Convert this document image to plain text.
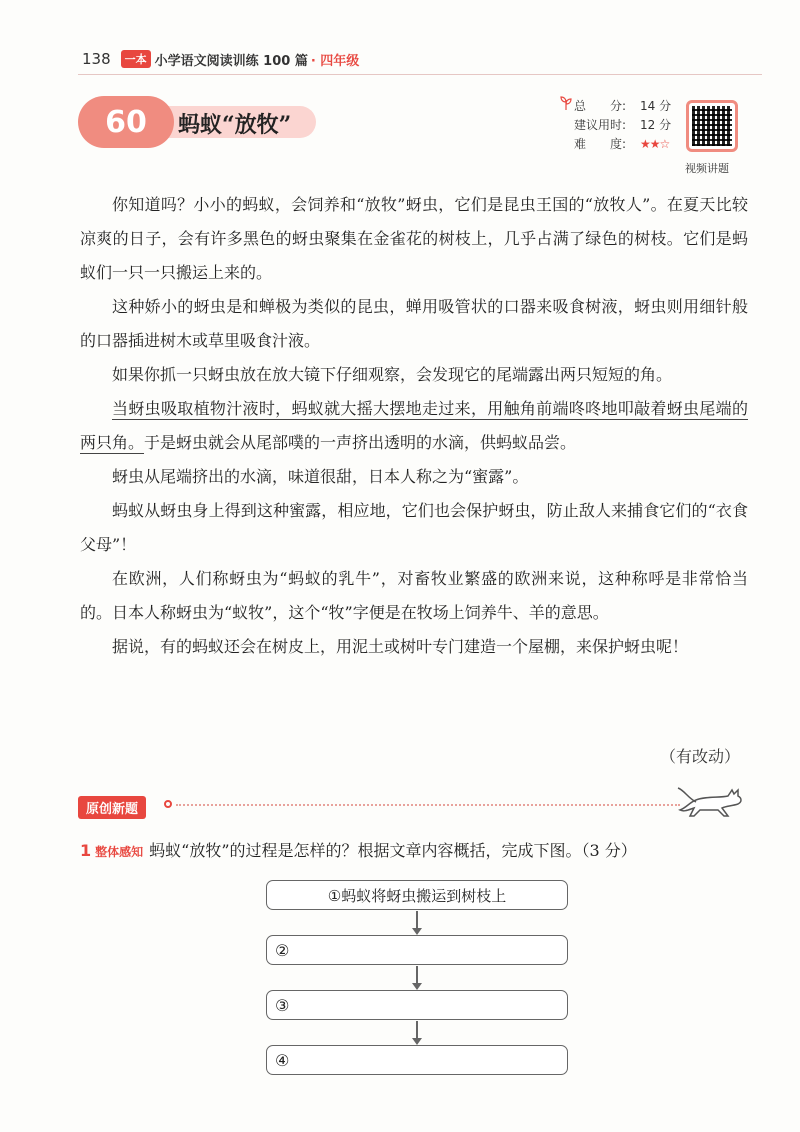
138	一本 小学语文阅读训练 100 篇 · 四年级
60	蚂蚁“放牧”
总　　分:	14 分
建议用时:	12 分
难　　度:	★★☆
视频讲题

你知道吗？小小的蚂蚁，会饲养和“放牧”蚜虫，它们是昆虫王国的“放牧人”。在夏天比较凉爽的日子，会有许多黑色的蚜虫聚集在金雀花的树枝上，几乎占满了绿色的树枝。它们是蚂蚁们一只一只搬运上来的。

这种娇小的蚜虫是和蝉极为类似的昆虫，蝉用吸管状的口器来吸食树液，蚜虫则用细针般的口器插进树木或草里吸食汁液。

如果你抓一只蚜虫放在放大镜下仔细观察，会发现它的尾端露出两只短短的角。

当蚜虫吸取植物汁液时，蚂蚁就大摇大摆地走过来，用触角前端咚咚地叩敲着蚜虫尾端的两只角。于是蚜虫就会从尾部噗的一声挤出透明的水滴，供蚂蚁品尝。

蚜虫从尾端挤出的水滴，味道很甜，日本人称之为“蜜露”。

蚂蚁从蚜虫身上得到这种蜜露，相应地，它们也会保护蚜虫，防止敌人来捕食它们的“衣食父母”！

在欧洲，人们称蚜虫为“蚂蚁的乳牛”，对畜牧业繁盛的欧洲来说，这种称呼是非常恰当的。日本人称蚜虫为“蚁牧”，这个“牧”字便是在牧场上饲养牛、羊的意思。

据说，有的蚂蚁还会在树皮上，用泥土或树叶专门建造一个屋棚，来保护蚜虫呢！

（有改动）
原创新题
1 整体感知 蚂蚁“放牧”的过程是怎样的？根据文章内容概括，完成下图。（3 分）
①蚂蚁将蚜虫搬运到树枝上
②
③
④
